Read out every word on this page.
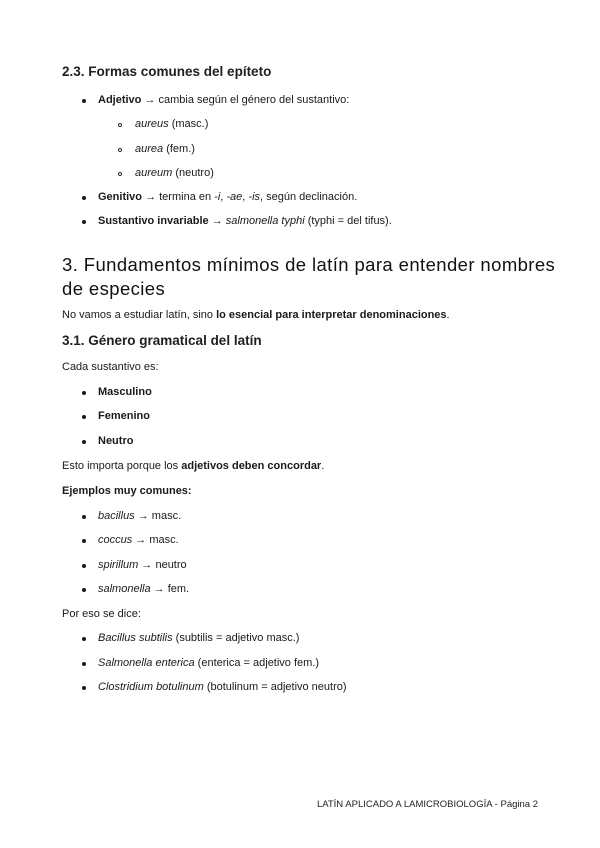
2.3. Formas comunes del epíteto
Adjetivo → cambia según el género del sustantivo:
aureus (masc.)
aurea (fem.)
aureum (neutro)
Genitivo → termina en -i, -ae, -is, según declinación.
Sustantivo invariable → salmonella typhi (typhi = del tifus).
3. Fundamentos mínimos de latín para entender nombres
de especies
No vamos a estudiar latín, sino lo esencial para interpretar denominaciones.
3.1. Género gramatical del latín
Cada sustantivo es:
Masculino
Femenino
Neutro
Esto importa porque los adjetivos deben concordar.
Ejemplos muy comunes:
bacillus → masc.
coccus → masc.
spirillum → neutro
salmonella → fem.
Por eso se dice:
Bacillus subtilis (subtilis = adjetivo masc.)
Salmonella enterica (enterica = adjetivo fem.)
Clostridium botulinum (botulinum = adjetivo neutro)
LATÍN APLICADO A LAMICROBIOLOGÍA - Página 2
